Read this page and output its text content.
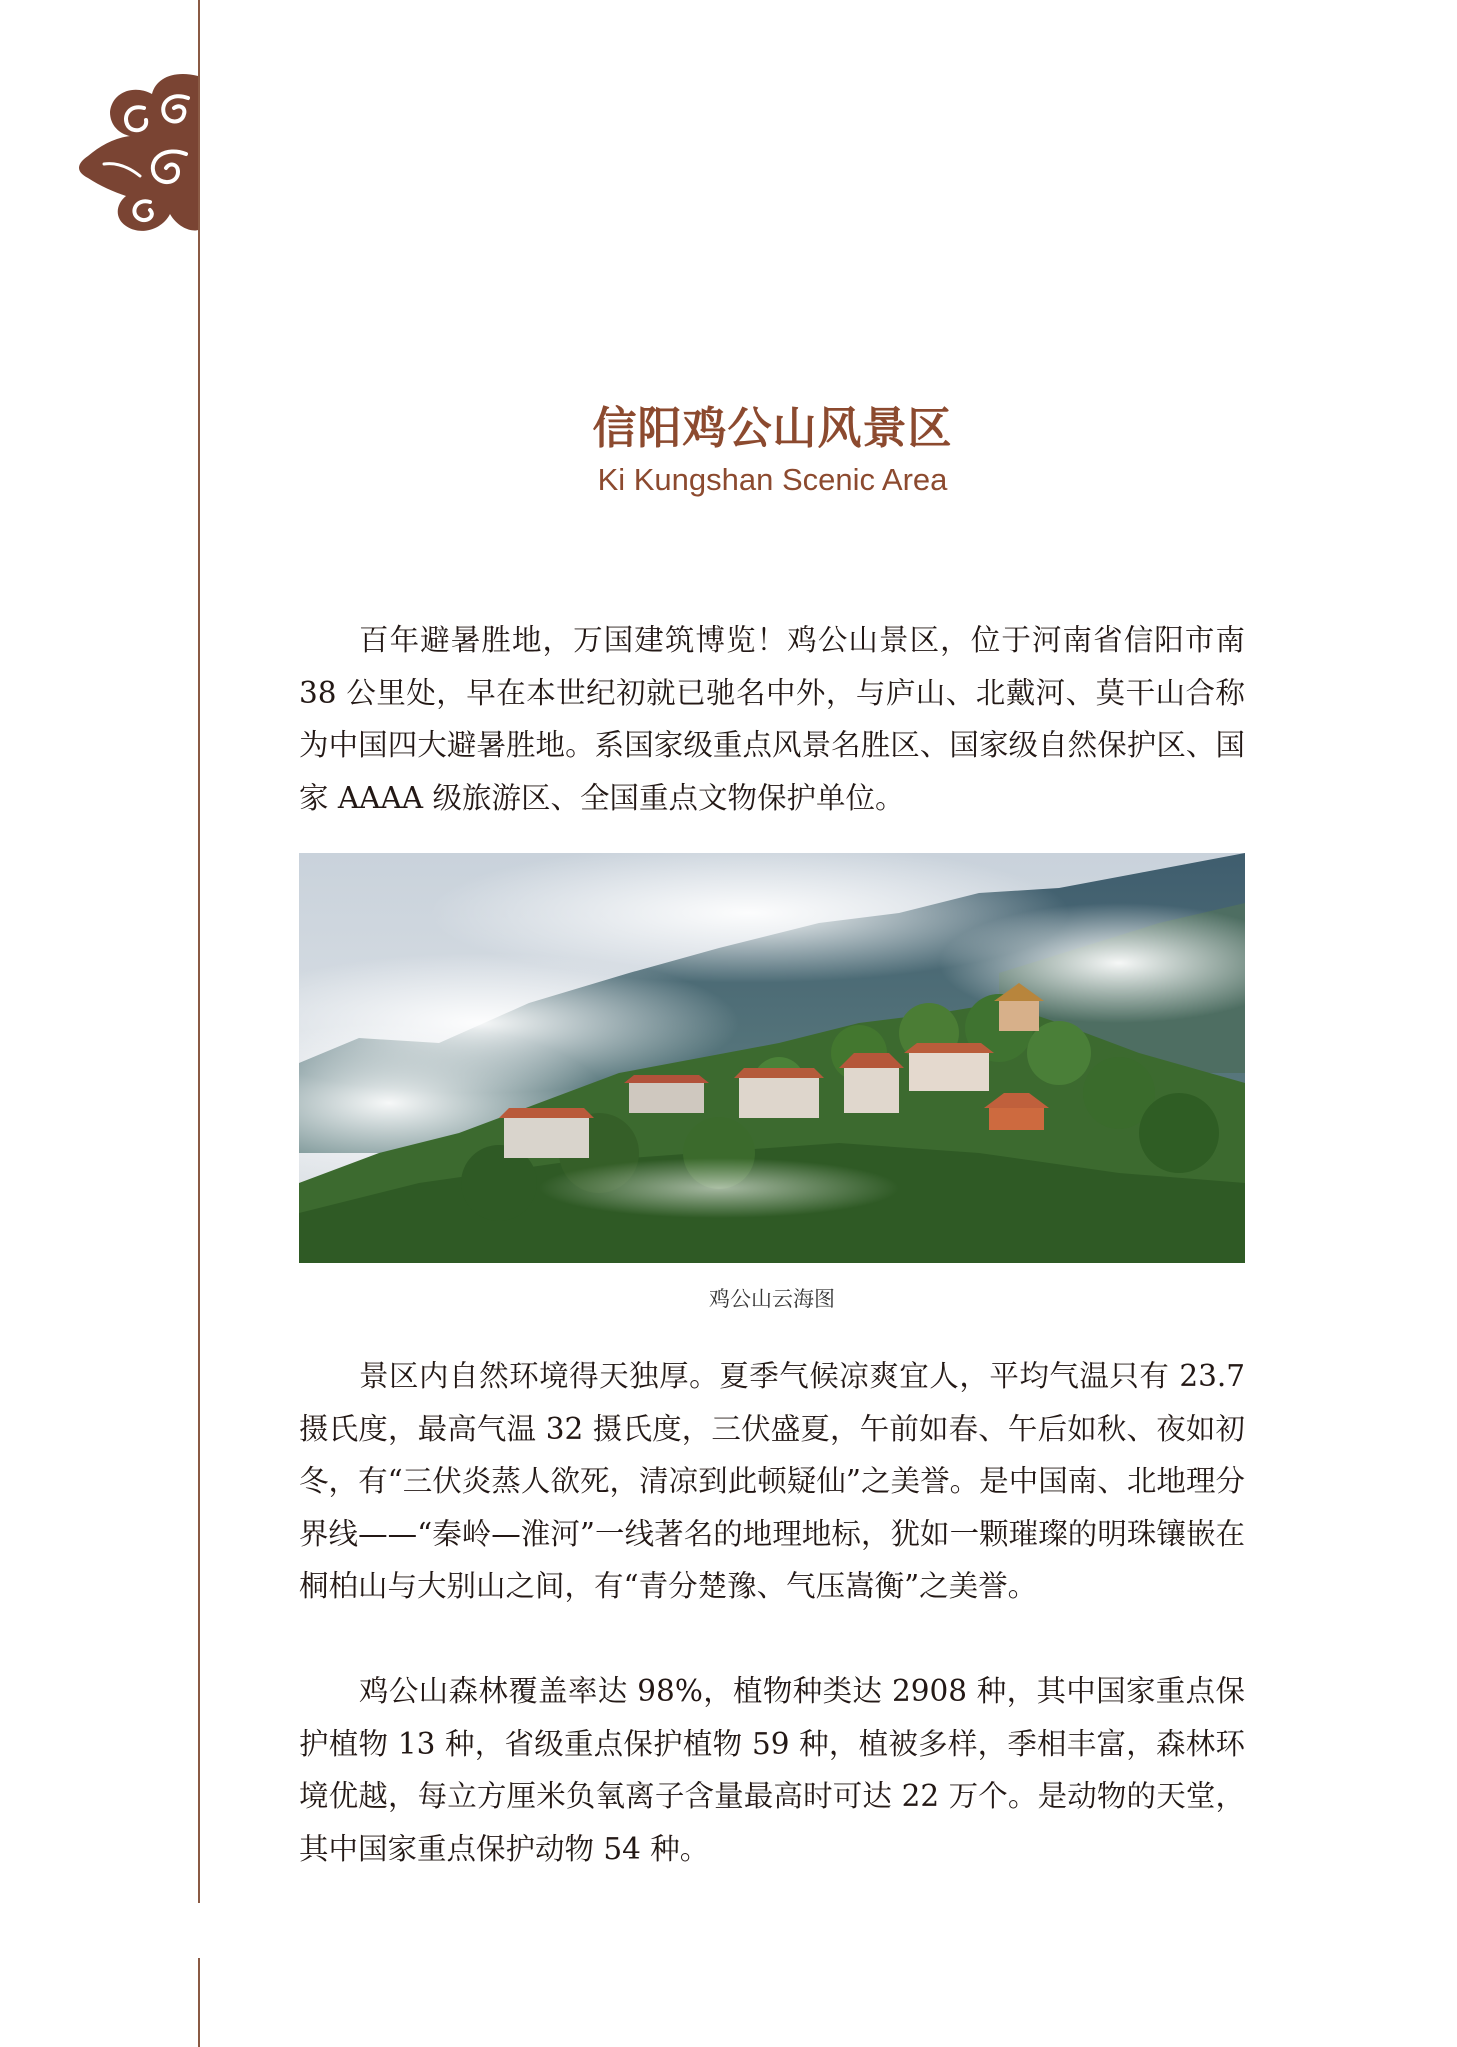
信阳鸡公山风景区
Ki Kungshan Scenic Area

百年避暑胜地，万国建筑博览！鸡公山景区，位于河南省信阳市南 38 公里处，早在本世纪初就已驰名中外，与庐山、北戴河、莫干山合称为中国四大避暑胜地。系国家级重点风景名胜区、国家级自然保护区、国家 AAAA 级旅游区、全国重点文物保护单位。

鸡公山云海图

景区内自然环境得天独厚。夏季气候凉爽宜人，平均气温只有 23.7 摄氏度，最高气温 32 摄氏度，三伏盛夏，午前如春、午后如秋、夜如初冬，有“三伏炎蒸人欲死，清凉到此顿疑仙”之美誉。是中国南、北地理分界线——“秦岭—淮河”一线著名的地理地标，犹如一颗璀璨的明珠镶嵌在桐柏山与大别山之间，有“青分楚豫、气压嵩衡”之美誉。

鸡公山森林覆盖率达 98%，植物种类达 2908 种，其中国家重点保护植物 13 种，省级重点保护植物 59 种，植被多样，季相丰富，森林环境优越，每立方厘米负氧离子含量最高时可达 22 万个。是动物的天堂，其中国家重点保护动物 54 种。
